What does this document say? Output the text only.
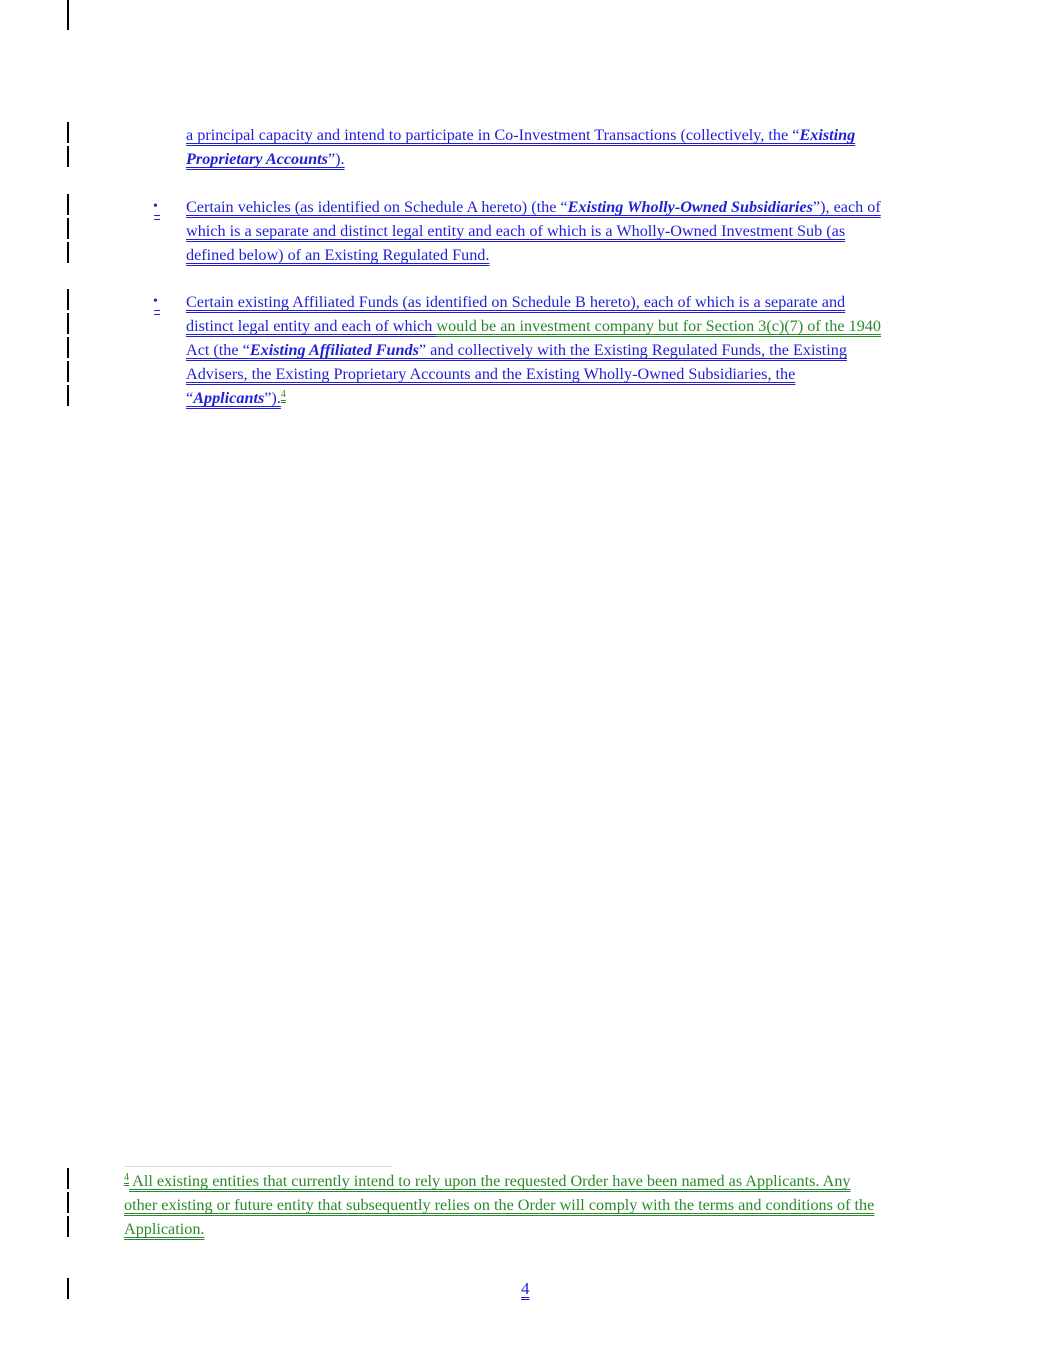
a principal capacity and intend to participate in Co-Investment Transactions (collectively, the “Existing
Proprietary Accounts”).
• Certain vehicles (as identified on Schedule A hereto) (the “Existing Wholly-Owned Subsidiaries”), each of
which is a separate and distinct legal entity and each of which is a Wholly-Owned Investment Sub (as
defined below) of an Existing Regulated Fund.
• Certain existing Affiliated Funds (as identified on Schedule B hereto), each of which is a separate and
distinct legal entity and each of which would be an investment company but for Section 3(c)(7) of the 1940
Act (the “Existing Affiliated Funds” and collectively with the Existing Regulated Funds, the Existing
Advisers, the Existing Proprietary Accounts and the Existing Wholly-Owned Subsidiaries, the
“Applicants”).$^4$
$^4$ All existing entities that currently intend to rely upon the requested Order have been named as Applicants. Any
other existing or future entity that subsequently relies on the Order will comply with the terms and conditions of the
Application.
4
